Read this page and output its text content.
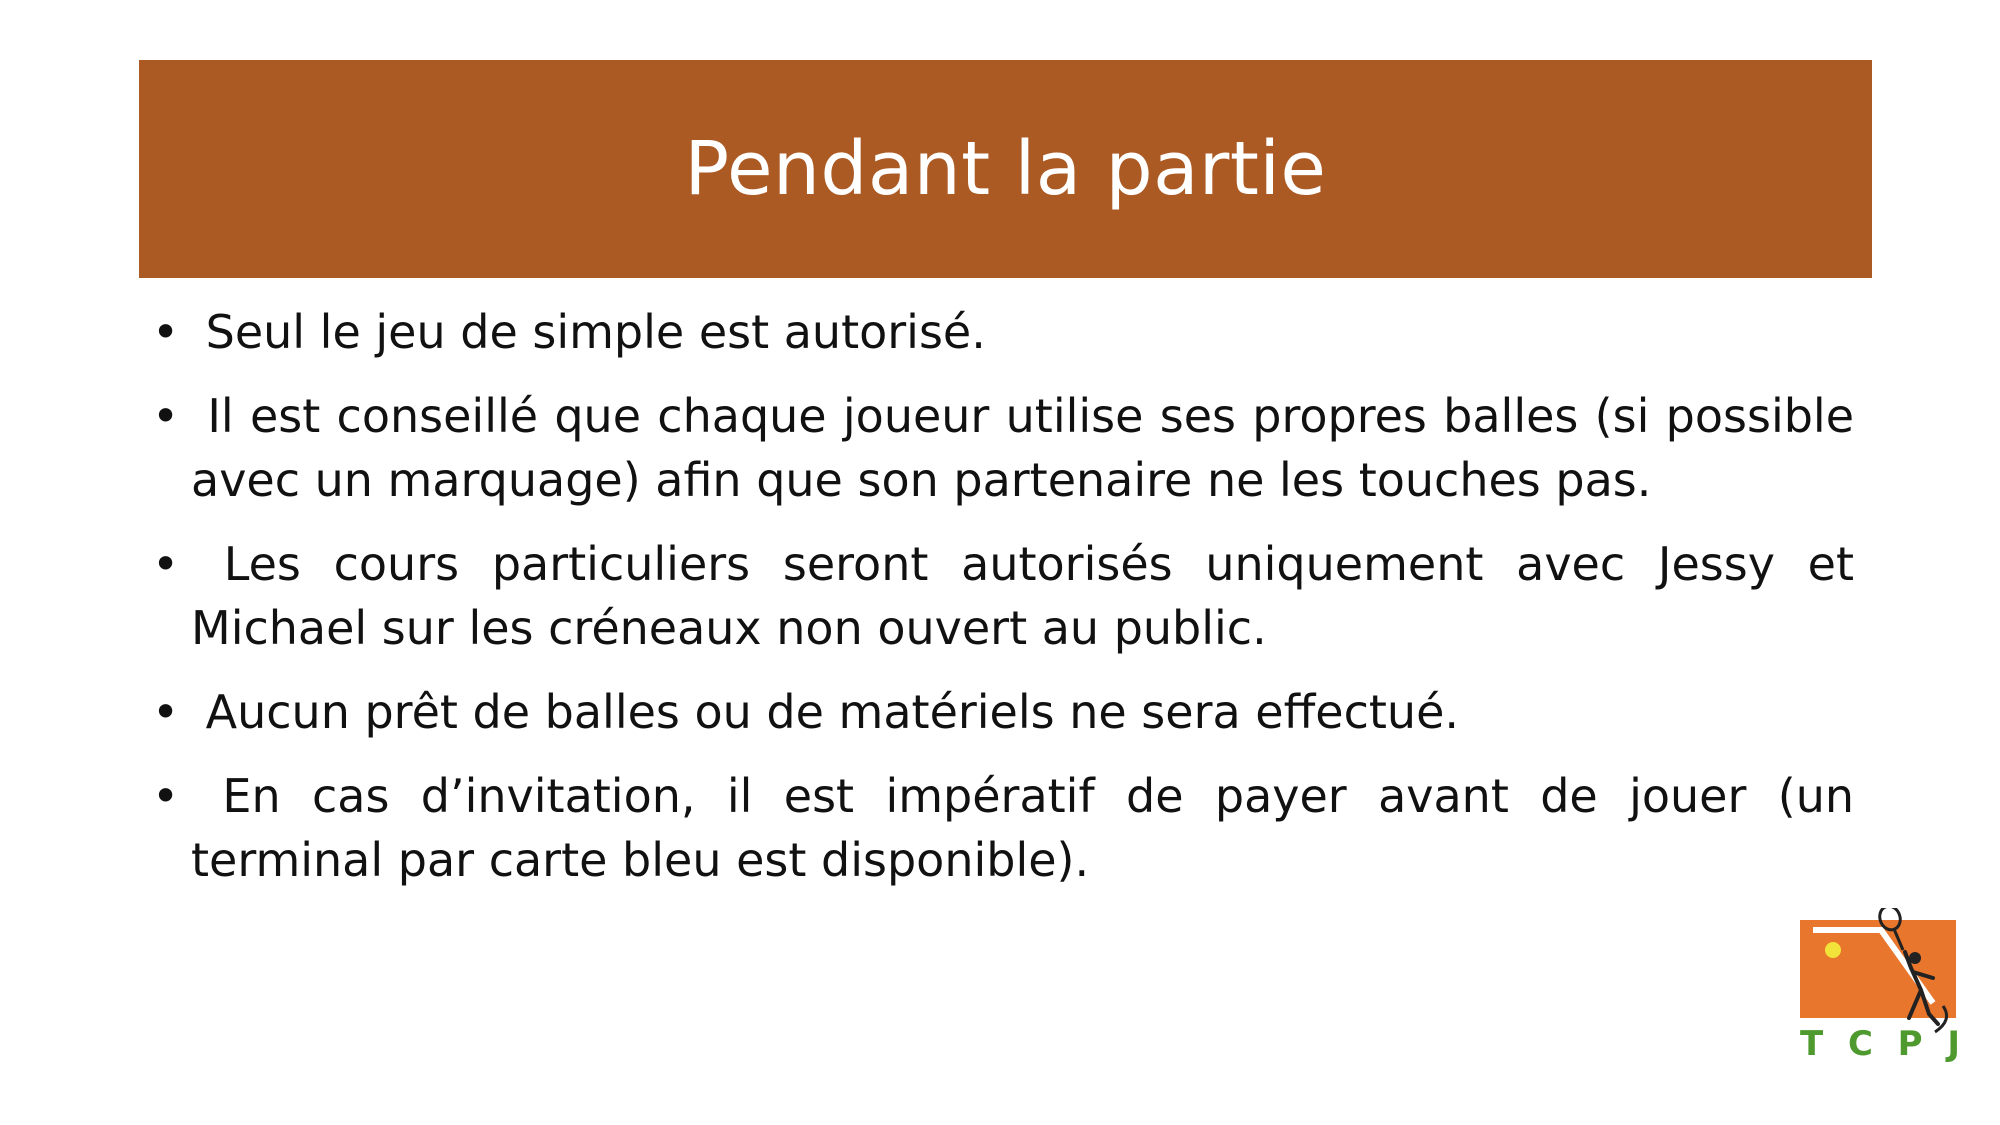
Pendant la partie
• Seul le jeu de simple est autorisé.
• Il est conseillé que chaque joueur utilise ses propres balles (si possible avec un marquage) afin que son partenaire ne les touches pas.
• Les cours particuliers seront autorisés uniquement avec Jessy et Michael sur les créneaux non ouvert au public.
• Aucun prêt de balles ou de matériels ne sera effectué.
• En cas d’invitation, il est impératif de payer avant de jouer (un terminal par carte bleu est disponible).
T C P J
